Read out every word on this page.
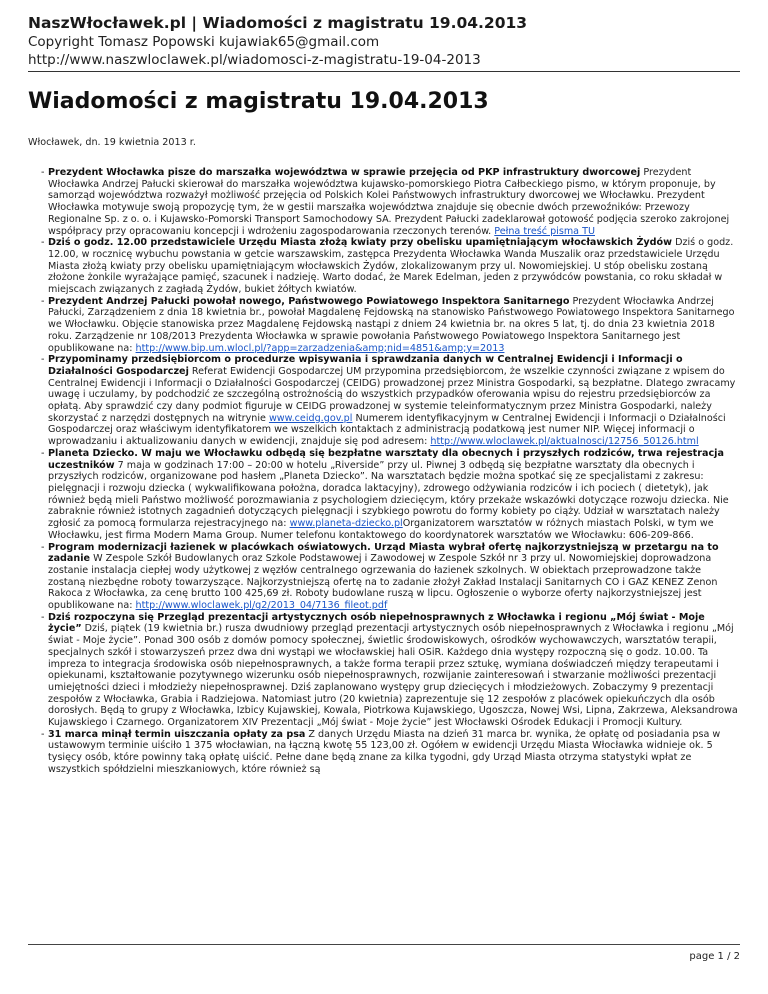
NaszWłocławek.pl | Wiadomości z magistratu 19.04.2013
Copyright Tomasz Popowski kujawiak65@gmail.com
http://www.naszwloclawek.pl/wiadomosci-z-magistratu-19-04-2013
Wiadomości z magistratu 19.04.2013
Włocławek, dn. 19 kwietnia 2013 r.
- Prezydent Włocławka pisze do marszałka województwa w sprawie przejęcia od PKP infrastruktury dworcowej Prezydent Włocławka Andrzej Pałucki skierował do marszałka województwa kujawsko-pomorskiego Piotra Całbeckiego pismo, w którym proponuje, by samorząd województwa rozważył możliwość przejęcia od Polskich Kolei Państwowych infrastruktury dworcowej we Włocławku. Prezydent Włocławka motywuje swoją propozycję tym, że w gestii marszałka województwa znajduje się obecnie dwóch przewoźników: Przewozy Regionalne Sp. z o. o. i Kujawsko-Pomorski Transport Samochodowy SA. Prezydent Pałucki zadeklarował gotowość podjęcia szeroko zakrojonej współpracy przy opracowaniu koncepcji i wdrożeniu zagospodarowania rzeczonych terenów. Pełna treść pisma TU
- Dziś o godz. 12.00 przedstawiciele Urzędu Miasta złożą kwiaty przy obelisku upamiętniającym włocławskich Żydów Dziś o godz. 12.00, w rocznicę wybuchu powstania w getcie warszawskim, zastępca Prezydenta Włocławka Wanda Muszalik oraz przedstawiciele Urzędu Miasta złożą kwiaty przy obelisku upamiętniającym włocławskich Żydów, zlokalizowanym przy ul. Nowomiejskiej. U stóp obelisku zostaną złożone żonkile wyrażające pamięć, szacunek i nadzieję. Warto dodać, że Marek Edelman, jeden z przywódców powstania, co roku składał w miejscach związanych z zagładą Żydów, bukiet żółtych kwiatów.
- Prezydent Andrzej Pałucki powołał nowego, Państwowego Powiatowego Inspektora Sanitarnego Prezydent Włocławka Andrzej Pałucki, Zarządzeniem z dnia 18 kwietnia br., powołał Magdalenę Fejdowską na stanowisko Państwowego Powiatowego Inspektora Sanitarnego we Włocławku. Objęcie stanowiska przez Magdalenę Fejdowską nastąpi z dniem 24 kwietnia br. na okres 5 lat, tj. do dnia 23 kwietnia 2018 roku. Zarządzenie nr 108/2013 Prezydenta Włocławka w sprawie powołania Państwowego Powiatowego Inspektora Sanitarnego jest opublikowane na: http://www.bip.um.wlocl.pl/?app=zarzadzenia&amp;nid=4851&amp;y=2013
- Przypominamy przedsiębiorcom o procedurze wpisywania i sprawdzania danych w Centralnej Ewidencji i Informacji o Działalności Gospodarczej Referat Ewidencji Gospodarczej UM przypomina przedsiębiorcom, że wszelkie czynności związane z wpisem do Centralnej Ewidencji i Informacji o Działalności Gospodarczej (CEIDG) prowadzonej przez Ministra Gospodarki, są bezpłatne. Dlatego zwracamy uwagę i uczulamy, by podchodzić ze szczególną ostrożnością do wszystkich przypadków oferowania wpisu do rejestru przedsiębiorców za opłatą. Aby sprawdzić czy dany podmiot figuruje w CEIDG prowadzonej w systemie teleinformatycznym przez Ministra Gospodarki, należy skorzystać z narzędzi dostępnych na witrynie www.ceidg.gov.pl Numerem identyfikacyjnym w Centralnej Ewidencji i Informacji o Działalności Gospodarczej oraz właściwym identyfikatorem we wszelkich kontaktach z administracją podatkową jest numer NIP. Więcej informacji o wprowadzaniu i aktualizowaniu danych w ewidencji, znajduje się pod adresem: http://www.wloclawek.pl/aktualnosci/12756_50126.html
- Planeta Dziecko. W maju we Włocławku odbędą się bezpłatne warsztaty dla obecnych i przyszłych rodziców, trwa rejestracja uczestników 7 maja w godzinach 17:00 – 20:00 w hotelu „Riverside” przy ul. Piwnej 3 odbędą się bezpłatne warsztaty dla obecnych i przyszłych rodziców, organizowane pod hasłem „Planeta Dziecko”. Na warsztatach będzie można spotkać się ze specjalistami z zakresu: pielęgnacji i rozwoju dziecka ( wykwalifikowana położna, doradca laktacyjny), zdrowego odżywiania rodziców i ich pociech ( dietetyk), jak również będą mieli Państwo możliwość porozmawiania z psychologiem dziecięcym, który przekaże wskazówki dotyczące rozwoju dziecka. Nie zabraknie również istotnych zagadnień dotyczących pielęgnacji i szybkiego powrotu do formy kobiety po ciąży. Udział w warsztatach należy zgłosić za pomocą formularza rejestracyjnego na: www.planeta-dziecko.plOrganizatorem warsztatów w różnych miastach Polski, w tym we Włocławku, jest firma Modern Mama Group. Numer telefonu kontaktowego do koordynatorek warsztatów we Włocławku: 606-209-866.
- Program modernizacji łazienek w placówkach oświatowych. Urząd Miasta wybrał ofertę najkorzystniejszą w przetargu na to zadanie W Zespole Szkół Budowlanych oraz Szkole Podstawowej i Zawodowej w Zespole Szkół nr 3 przy ul. Nowomiejskiej doprowadzona zostanie instalacja ciepłej wody użytkowej z węzłów centralnego ogrzewania do łazienek szkolnych. W obiektach przeprowadzone także zostaną niezbędne roboty towarzyszące. Najkorzystniejszą ofertę na to zadanie złożył Zakład Instalacji Sanitarnych CO i GAZ KENEZ Zenon Rakoca z Włocławka, za cenę brutto 100 425,69 zł. Roboty budowlane ruszą w lipcu. Ogłoszenie o wyborze oferty najkorzystniejszej jest opublikowane na: http://www.wloclawek.pl/g2/2013_04/7136_fileot.pdf
- Dziś rozpoczyna się Przegląd prezentacji artystycznych osób niepełnosprawnych z Włocławka i regionu „Mój świat - Moje życie” Dziś, piątek (19 kwietnia br.) rusza dwudniowy przegląd prezentacji artystycznych osób niepełnosprawnych z Włocławka i regionu „Mój świat - Moje życie”. Ponad 300 osób z domów pomocy społecznej, świetlic środowiskowych, ośrodków wychowawczych, warsztatów terapii, specjalnych szkół i stowarzyszeń przez dwa dni wystąpi we włocławskiej hali OSiR. Każdego dnia występy rozpoczną się o godz. 10.00. Ta impreza to integracja środowiska osób niepełnosprawnych, a także forma terapii przez sztukę, wymiana doświadczeń między terapeutami i opiekunami, kształtowanie pozytywnego wizerunku osób niepełnosprawnych, rozwijanie zainteresowań i stwarzanie możliwości prezentacji umiejętności dzieci i młodzieży niepełnosprawnej. Dziś zaplanowano występy grup dziecięcych i młodzieżowych. Zobaczymy 9 prezentacji zespołów z Włocławka, Grabia i Radziejowa. Natomiast jutro (20 kwietnia) zaprezentuje się 12 zespołów z placówek opiekuńczych dla osób dorosłych. Będą to grupy z Włocławka, Izbicy Kujawskiej, Kowala, Piotrkowa Kujawskiego, Ugoszcza, Nowej Wsi, Lipna, Zakrzewa, Aleksandrowa Kujawskiego i Czarnego. Organizatorem XIV Prezentacji „Mój świat - Moje życie” jest Włocławski Ośrodek Edukacji i Promocji Kultury.
- 31 marca minął termin uiszczania opłaty za psa Z danych Urzędu Miasta na dzień 31 marca br. wynika, że opłatę od posiadania psa w ustawowym terminie uiściło 1 375 włocławian, na łączną kwotę 55 123,00 zł. Ogółem w ewidencji Urzędu Miasta Włocławka widnieje ok. 5 tysięcy osób, które powinny taką opłatę uiścić. Pełne dane będą znane za kilka tygodni, gdy Urząd Miasta otrzyma statystyki wpłat ze wszystkich spółdzielni mieszkaniowych, które również są
page 1 / 2
